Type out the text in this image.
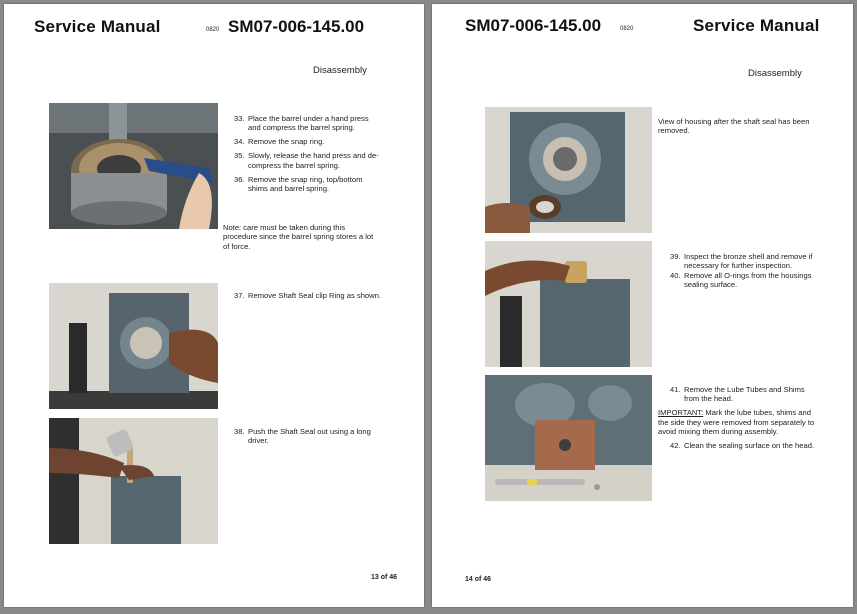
Service Manual	0820 SM07-006-145.00
Disassembly

33. Place the barrel under a hand press and compress the barrel spring.

34. Remove the snap ring.

35. Slowly, release the hand press and de-compress the barrel spring.

36. Remove the snap ring, top/bottom shims and barrel spring.

Note: care must be taken during this procedure since the barrel spring stores a lot of force.
37. Remove Shaft Seal clip Ring as shown.
38. Push the Shaft Seal out using a long driver.
13 of 46
SM07-006-145.00	0820	Service Manual
Disassembly
View of housing after the shaft seal has been removed.
39. Inspect the bronze shell and remove if necessary for further inspection.
40. Remove all O-rings from the housings sealing surface.

41. Remove the Lube Tubes and Shims from the head.

IMPORTANT: Mark the lube tubes, shims and the side they were removed from separately to avoid mixing them during assembly.

42. Clean the sealing surface on the head.

14 of 46
